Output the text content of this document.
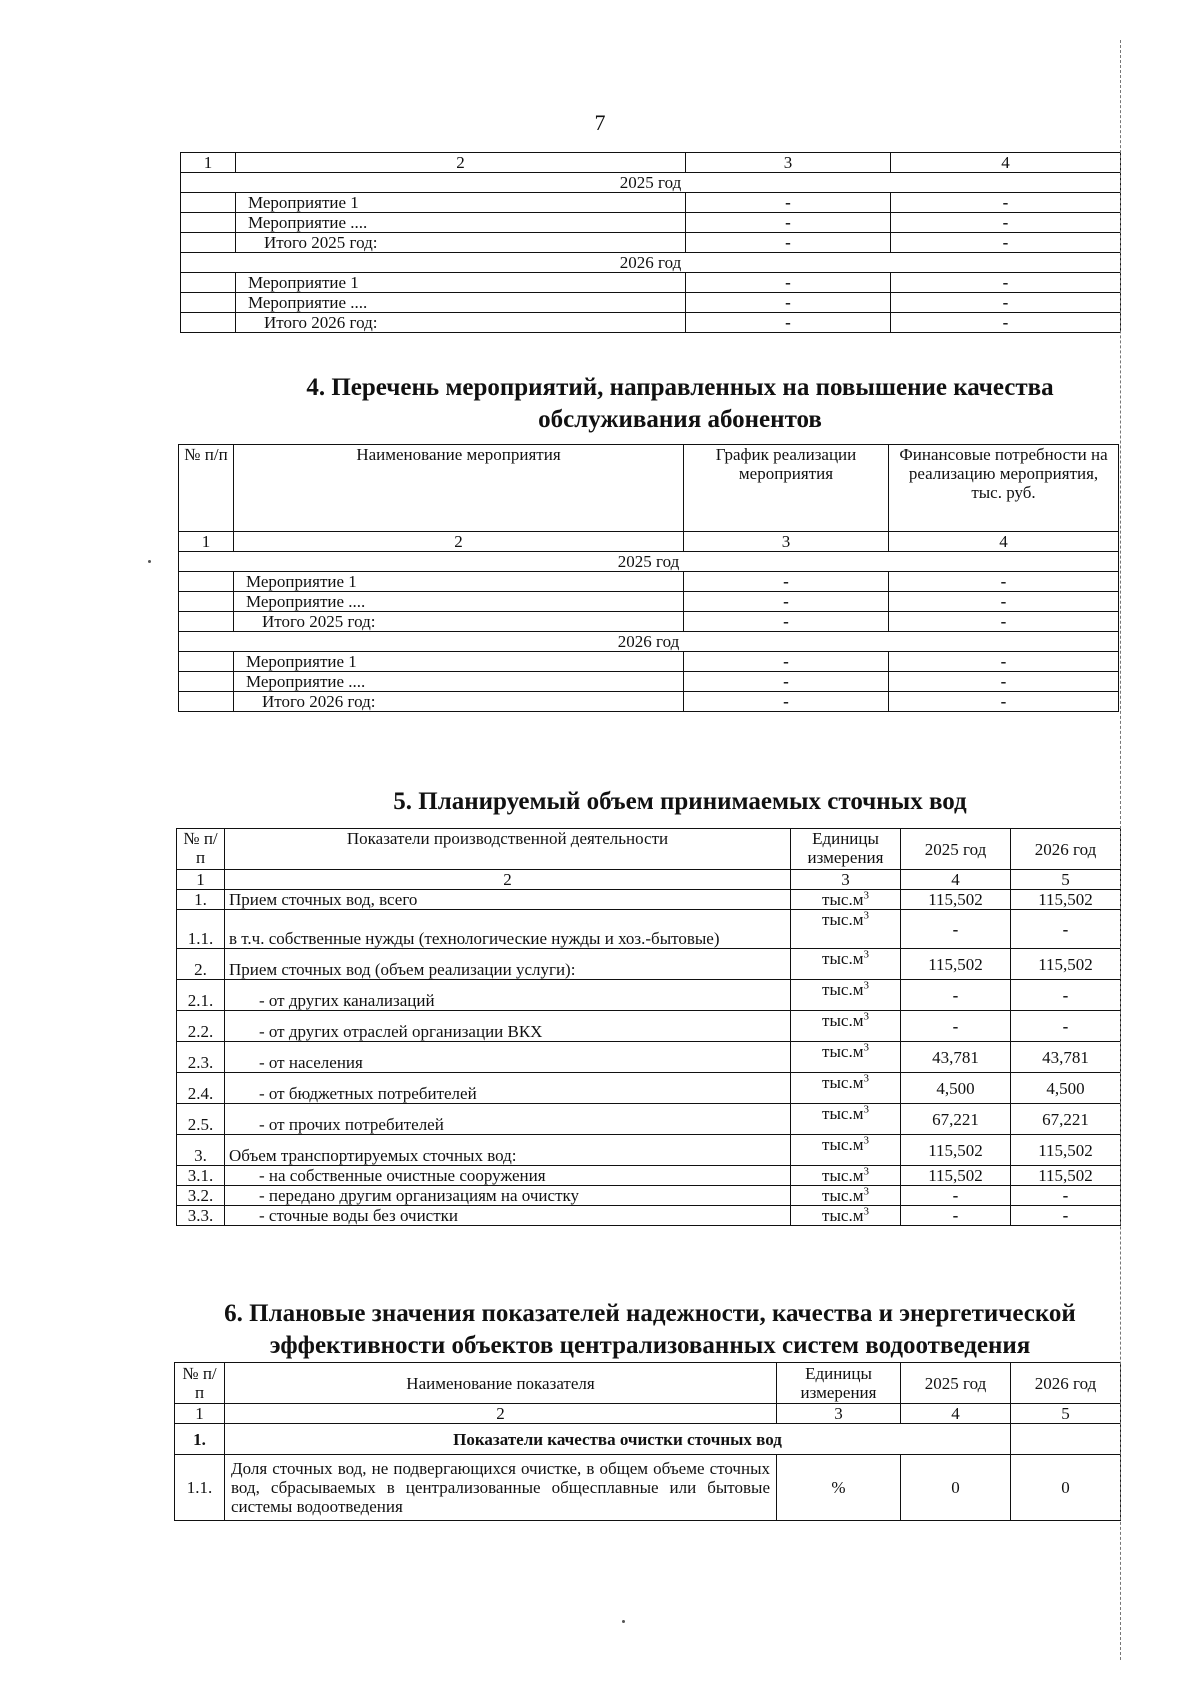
7
1	2	3	4
2025 год			
	Мероприятие 1	-	-
	Мероприятие ....	-	-
	Итого 2025 год:	-	-
2026 год			
	Мероприятие 1	-	-
	Мероприятие ....	-	-
	Итого 2026 год:	-	-
4. Перечень мероприятий, направленных на повышение качества
обслуживания абонентов
№ п/п	Наименование мероприятия	График реализации мероприятия	Финансовые потребности на реализацию мероприятия, тыс. руб.
1	2	3	4
2025 год			
	Мероприятие 1	-	-
	Мероприятие ....	-	-
	Итого 2025 год:	-	-
2026 год			
	Мероприятие 1	-	-
	Мероприятие ....	-	-
	Итого 2026 год:	-	-
5. Планируемый объем принимаемых сточных вод
№ п/п	Показатели производственной деятельности	Единицы измерения	2025 год	2026 год
1	2	3	4	5
1.	Прием сточных вод, всего	$тыс.м^3$	115,502	115,502
1.1.	в т.ч. собственные нужды (технологические нужды и хоз.-бытовые)	$тыс.м^3$	-	-
2.	Прием сточных вод (объем реализации услуги):	$тыс.м^3$	115,502	115,502
2.1.	- от других канализаций	$тыс.м^3$	-	-
2.2.	- от других отраслей организации ВКХ	$тыс.м^3$	-	-
2.3.	- от населения	$тыс.м^3$	43,781	43,781
2.4.	- от бюджетных потребителей	$тыс.м^3$	4,500	4,500
2.5.	- от прочих потребителей	$тыс.м^3$	67,221	67,221
3.	Объем транспортируемых сточных вод:	$тыс.м^3$	115,502	115,502
3.1.	- на собственные очистные сооружения	$тыс.м^3$	115,502	115,502
3.2.	- передано другим организациям на очистку	$тыс.м^3$	-	-
3.3.	- сточные воды без очистки	$тыс.м^3$	-	-
6. Плановые значения показателей надежности, качества и энергетической
эффективности объектов централизованных систем водоотведения
№ п/п	Наименование показателя	Единицы измерения	2025 год	2026 год
1	2	3	4	5
1.	Показатели качества очистки сточных вод			
1.1.	Доля сточных вод, не подвергающихся очистке, в общем объеме сточных вод, сбрасываемых в централизованные общесплавные или бытовые системы водоотведения	%	0	0
